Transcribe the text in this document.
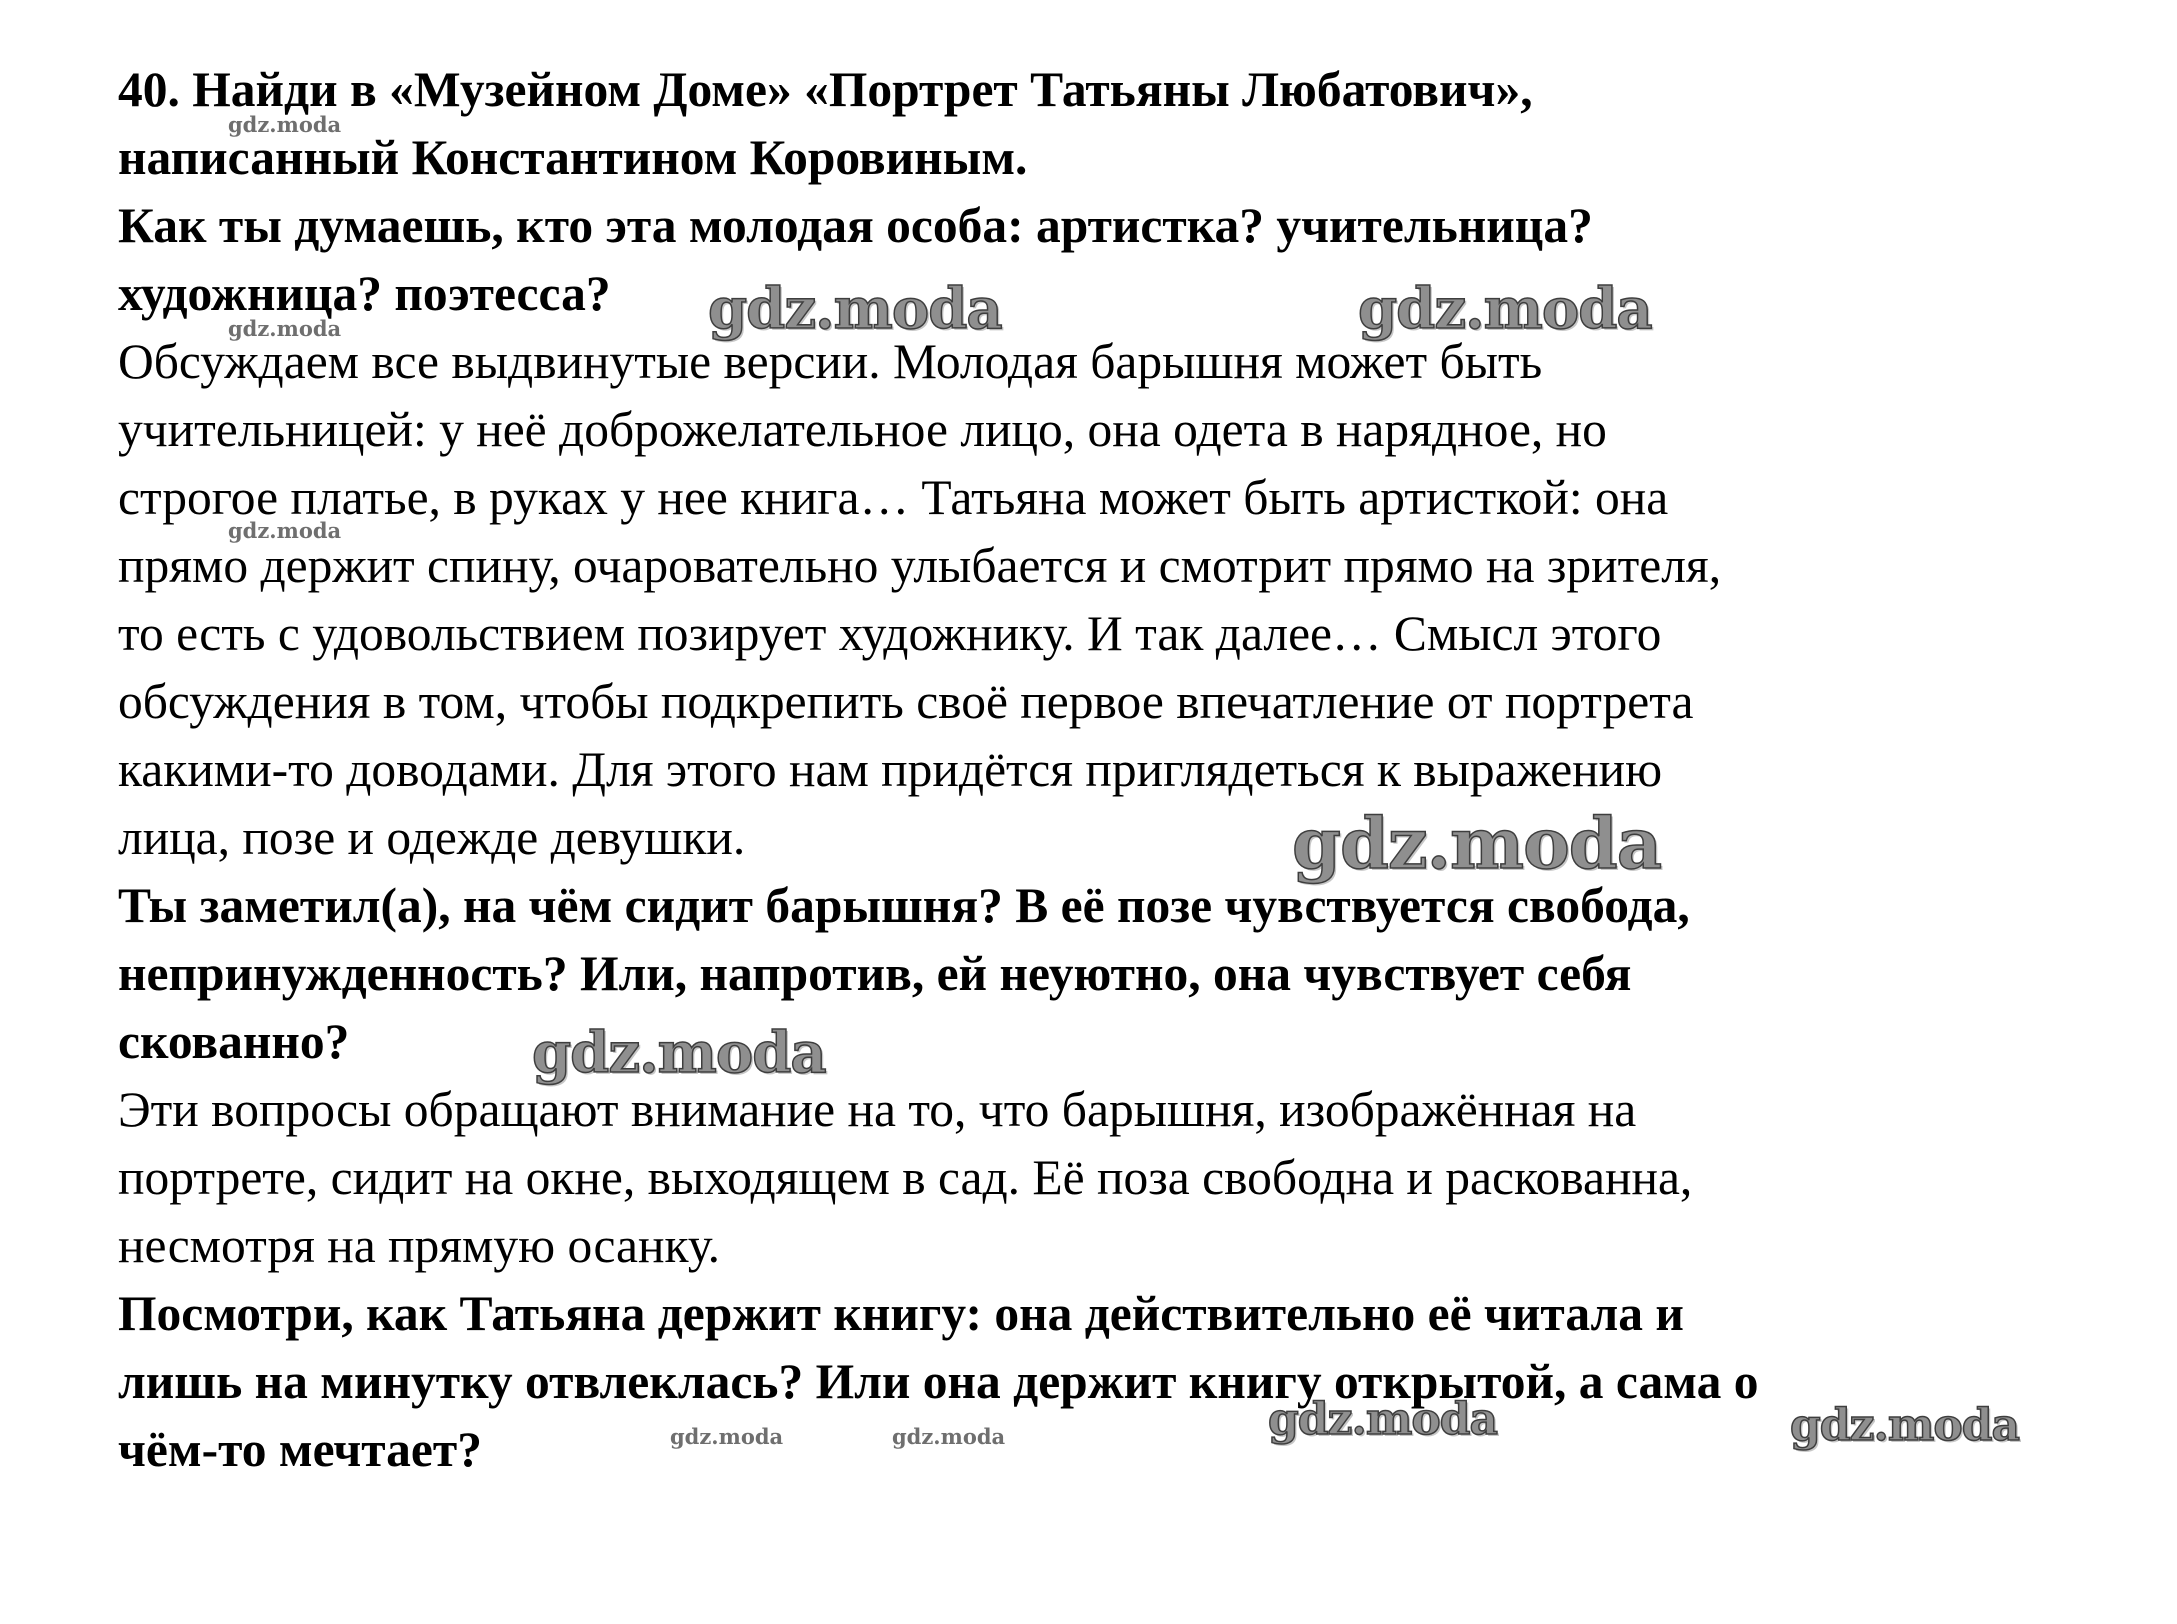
40. Найди в «Музейном Доме» «Портрет Татьяны Любатович»,
написанный Константином Коровиным.
Как ты думаешь, кто эта молодая особа: артистка? учительница?
художница? поэтесса?
Обсуждаем все выдвинутые версии. Молодая барышня может быть
учительницей: у неё доброжелательное лицо, она одета в нарядное, но
строгое платье, в руках у нее книга… Татьяна может быть артисткой: она
прямо держит спину, очаровательно улыбается и смотрит прямо на зрителя,
то есть с удовольствием позирует художнику. И так далее… Смысл этого
обсуждения в том, чтобы подкрепить своё первое впечатление от портрета
какими-то доводами. Для этого нам придётся приглядеться к выражению
лица, позе и одежде девушки.
Ты заметил(а), на чём сидит барышня? В её позе чувствуется свобода,
непринужденность? Или, напротив, ей неуютно, она чувствует себя
скованно?
Эти вопросы обращают внимание на то, что барышня, изображённая на
портрете, сидит на окне, выходящем в сад. Её поза свободна и раскованна,
несмотря на прямую осанку.
Посмотри, как Татьяна держит книгу: она действительно её читала и
лишь на минутку отвлеклась? Или она держит книгу открытой, а сама о
чём-то мечтает?
gdz.moda
gdz.moda	gdz.moda
gdz.moda
gdz.moda
gdz.moda
gdz.moda
gdz.moda	gdz.moda
gdz.moda	gdz.moda
